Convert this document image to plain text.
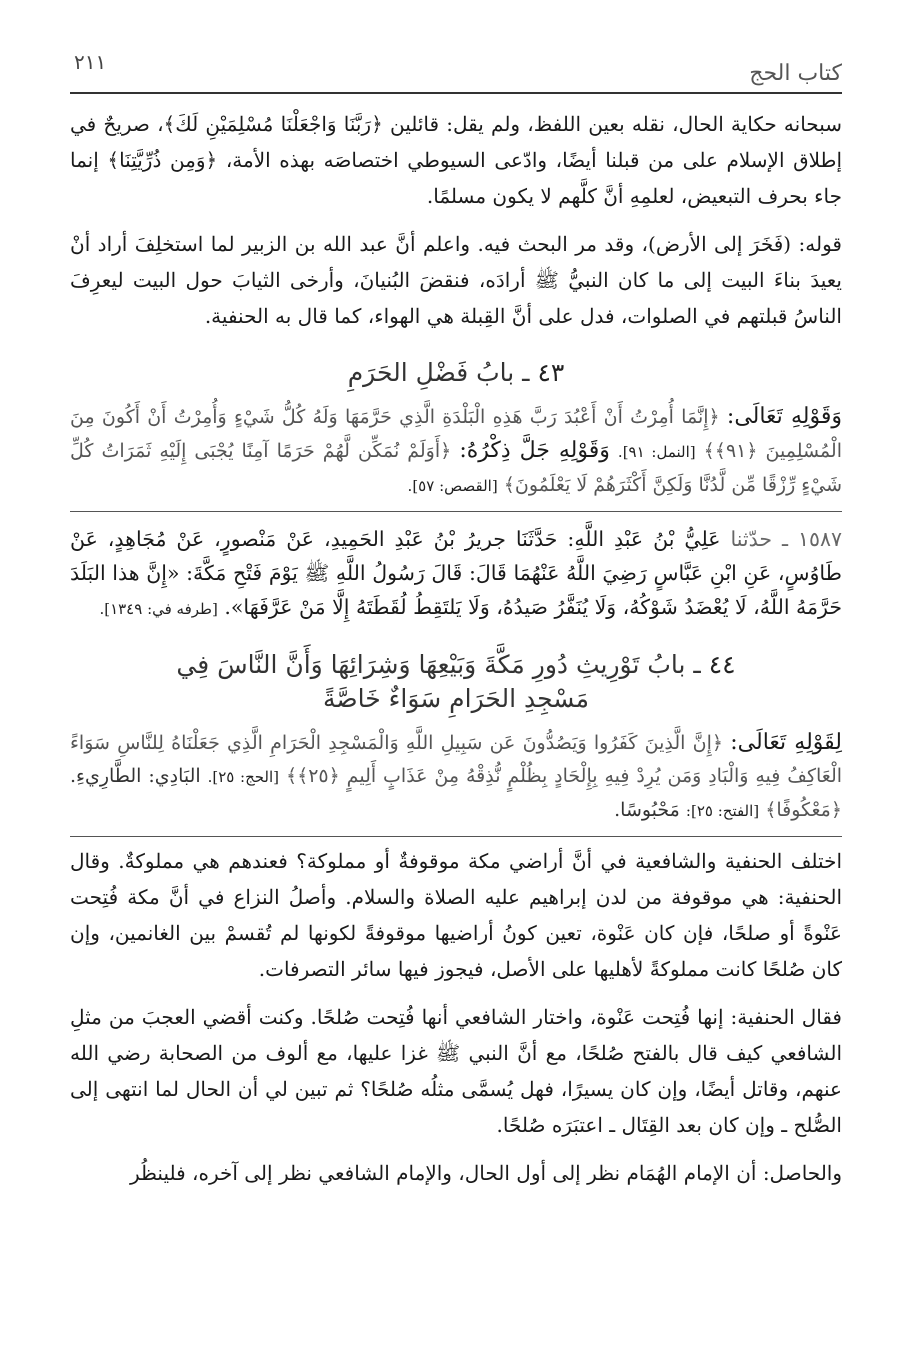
كتاب الحج
٢١١

سبحانه حكاية الحال، نقله بعين اللفظ، ولم يقل: قائلين ﴿رَبَّنَا وَاجْعَلْنَا مُسْلِمَيْنِ لَكَ﴾، صريحٌ في إطلاق الإسلام على من قبلنا أيضًا، وادّعى السيوطي اختصاصَه بهذه الأمة، ﴿وَمِن ذُرِّيَّتِنَا﴾ إنما جاء بحرف التبعيض، لعلمِهِ أنَّ كلَّهم لا يكون مسلمًا.

قوله: (فَخَرَ إلى الأرض)، وقد مر البحث فيه. واعلم أنَّ عبد الله بن الزبير لما استخلِفَ أراد أنْ يعيدَ بناءَ البيت إلى ما كان النبيُّ ﷺ أرادَه، فنقضَ البُنيانَ، وأرخى الثيابَ حول البيت ليعرِفَ الناسُ قبلتهم في الصلوات، فدل على أنَّ القِبلة هي الهواء، كما قال به الحنفية.

٤٣ ـ بابُ فَضْلِ الحَرَمِ

وَقَوْلِهِ تَعَالَى: ﴿إِنَّمَا أُمِرْتُ أَنْ أَعْبُدَ رَبَّ هَذِهِ الْبَلْدَةِ الَّذِي حَرَّمَهَا وَلَهُ كُلُّ شَيْءٍ وَأُمِرْتُ أَنْ أَكُونَ مِنَ الْمُسْلِمِينَ ﴿٩١﴾﴾ [النمل: ٩١]. وَقَوْلِهِ جَلَّ ذِكْرُهُ: ﴿أَوَلَمْ نُمَكِّن لَّهُمْ حَرَمًا آمِنًا يُجْبَى إِلَيْهِ ثَمَرَاتُ كُلِّ شَيْءٍ رِّزْقًا مِّن لَّدُنَّا وَلَكِنَّ أَكْثَرَهُمْ لَا يَعْلَمُونَ﴾ [القصص: ٥٧].

١٥٨٧ ـ حدّثنا عَلِيُّ بْنُ عَبْدِ اللَّهِ: حَدَّثَنَا جريرُ بْنُ عَبْدِ الحَمِيدِ، عَنْ مَنْصورٍ، عَنْ مُجَاهِدٍ، عَنْ طَاوُسٍ، عَنِ ابْنِ عَبَّاسٍ رَضِيَ اللَّهُ عَنْهُمَا قَالَ: قَالَ رَسُولُ اللَّهِ ﷺ يَوْمَ فَتْحِ مَكَّةَ: «إِنَّ هذا البَلَدَ حَرَّمَهُ اللَّهُ، لَا يُعْضَدُ شَوْكُهُ، وَلَا يُنَفَّرُ صَيدُهُ، وَلَا يَلتَقِطُ لُقَطَتَهُ إِلَّا مَنْ عَرَّفَهَا». [طرفه في: ١٣٤٩].

٤٤ ـ بابُ تَوْرِيثِ دُورِ مَكَّةَ وَبَيْعِهَا وَشِرَائِهَا وَأَنَّ النَّاسَ فِي
مَسْجِدِ الحَرَامِ سَوَاءٌ خَاصَّةً

لِقَوْلِهِ تَعَالَى: ﴿إِنَّ الَّذِينَ كَفَرُوا وَيَصُدُّونَ عَن سَبِيلِ اللَّهِ وَالْمَسْجِدِ الْحَرَامِ الَّذِي جَعَلْنَاهُ لِلنَّاسِ سَوَاءً الْعَاكِفُ فِيهِ وَالْبَادِ وَمَن يُرِدْ فِيهِ بِإِلْحَادٍ بِظُلْمٍ نُّذِقْهُ مِنْ عَذَابٍ أَلِيمٍ ﴿٢٥﴾﴾ [الحج: ٢٥]. البَادِي: الطَّارِيءِ. ﴿مَعْكُوفًا﴾ [الفتح: ٢٥]: مَحْبُوسًا.

اختلف الحنفية والشافعية في أنَّ أراضي مكة موقوفةٌ أو مملوكة؟ فعندهم هي مملوكةٌ. وقال الحنفية: هي موقوفة من لدن إبراهيم عليه الصلاة والسلام. وأصلُ النزاع في أنَّ مكة فُتِحت عَنْوةً أو صلحًا، فإن كان عَنْوة، تعين كونُ أراضيها موقوفةً لكونها لم تُقسمْ بين الغانمين، وإن كان صُلحًا كانت مملوكةً لأهليها على الأصل، فيجوز فيها سائر التصرفات.

فقال الحنفية: إنها فُتِحت عَنْوة، واختار الشافعي أنها فُتِحت صُلحًا. وكنت أقضي العجبَ من مثلِ الشافعي كيف قال بالفتح صُلحًا، مع أنَّ النبي ﷺ غزا عليها، مع ألوف من الصحابة رضي الله عنهم، وقاتل أيضًا، وإن كان يسيرًا، فهل يُسمَّى مثلُه صُلحًا؟ ثم تبين لي أن الحال لما انتهى إلى الصُّلح ـ وإن كان بعد القِتَال ـ اعتبَرَه صُلحًا.

والحاصل: أن الإمام الهُمَام نظر إلى أول الحال، والإمام الشافعي نظر إلى آخره، فلينظُر
